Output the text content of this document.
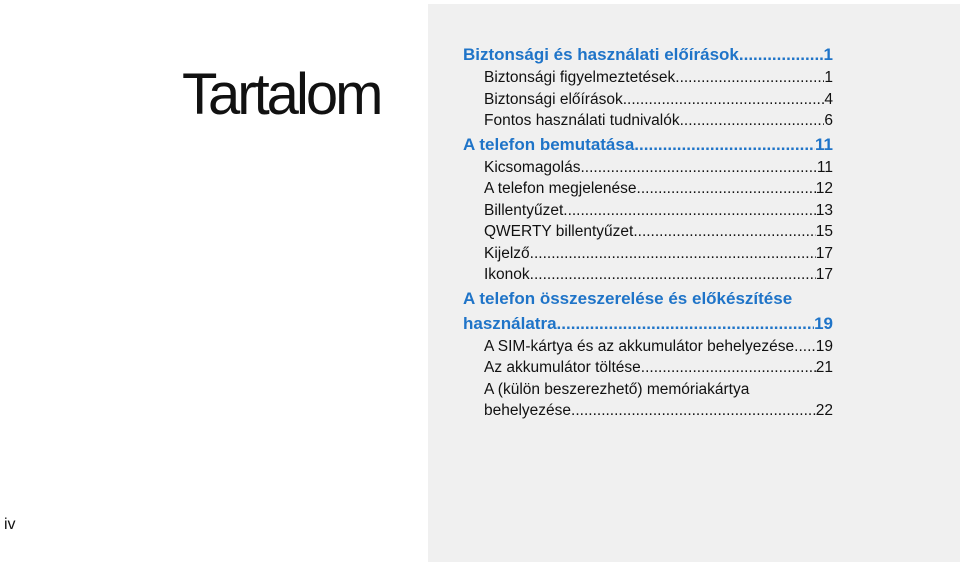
Tartalom
iv
Biztonsági és használati előírások .....	1
Biztonsági figyelmeztetések .....	1
Biztonsági előírások .....	4
Fontos használati tudnivalók .....	6
A telefon bemutatása .....	11
Kicsomagolás .....	11
A telefon megjelenése .....	12
Billentyűzet .....	13
QWERTY billentyűzet .....	15
Kijelző .....	17
Ikonok .....	17
A telefon összeszerelése és előkészítése
használatra .....	19
A SIM-kártya és az akkumulátor behelyezése ..... 19
Az akkumulátor töltése .....	21
A (külön beszerezhető) memóriakártya
behelyezése .....	22
